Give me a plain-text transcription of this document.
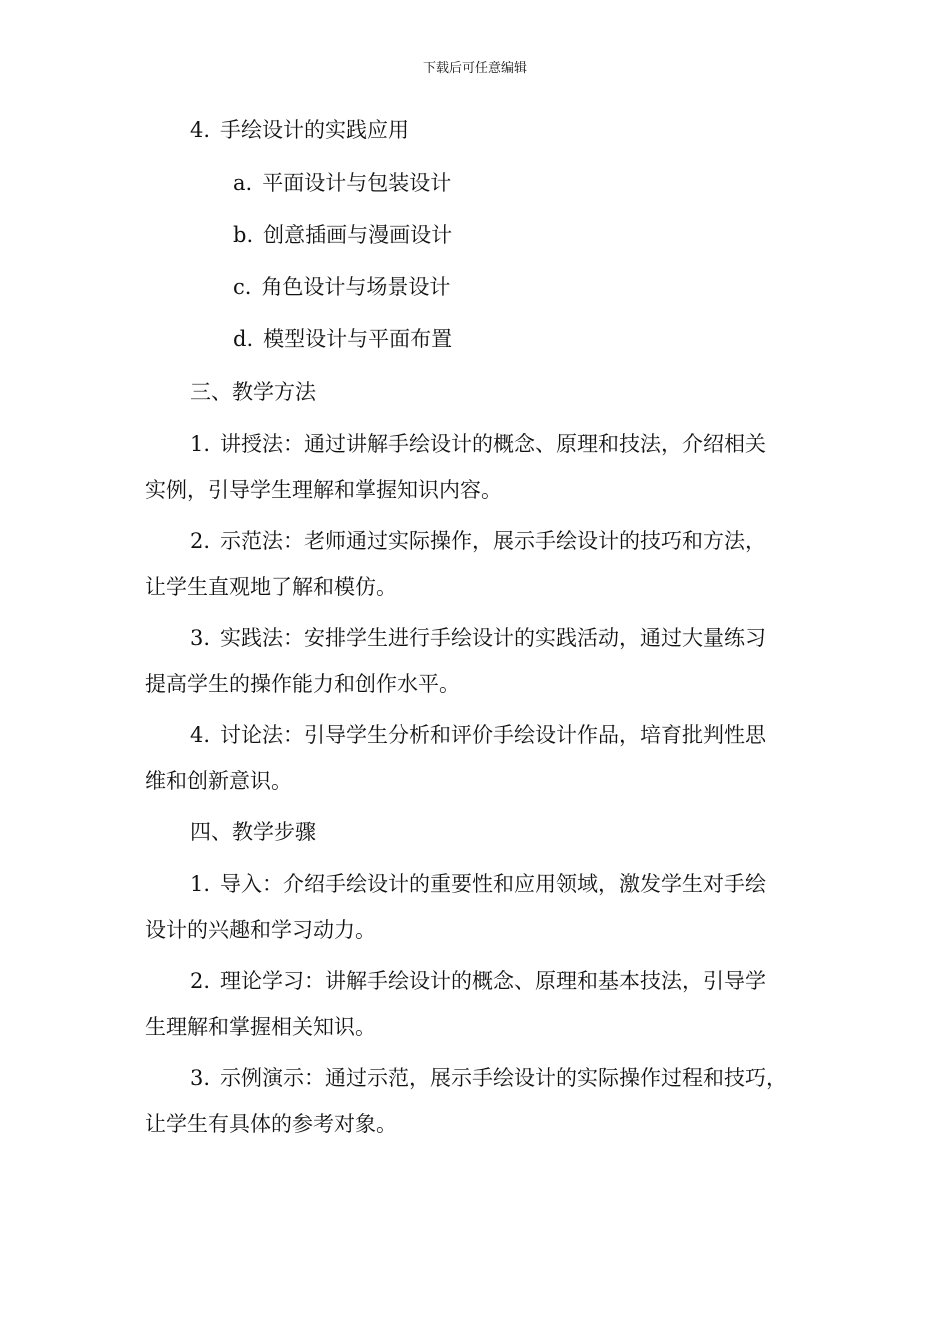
下载后可任意编辑
4. 手绘设计的实践应用
a. 平面设计与包装设计
b. 创意插画与漫画设计
c. 角色设计与场景设计
d. 模型设计与平面布置
三、教学方法
1. 讲授法：通过讲解手绘设计的概念、原理和技法，介绍相关
实例，引导学生理解和掌握知识内容。
2. 示范法：老师通过实际操作，展示手绘设计的技巧和方法，
让学生直观地了解和模仿。
3. 实践法：安排学生进行手绘设计的实践活动，通过大量练习
提高学生的操作能力和创作水平。
4. 讨论法：引导学生分析和评价手绘设计作品，培育批判性思
维和创新意识。
四、教学步骤
1. 导入：介绍手绘设计的重要性和应用领域，激发学生对手绘
设计的兴趣和学习动力。
2. 理论学习：讲解手绘设计的概念、原理和基本技法，引导学
生理解和掌握相关知识。
3. 示例演示：通过示范，展示手绘设计的实际操作过程和技巧，
让学生有具体的参考对象。
